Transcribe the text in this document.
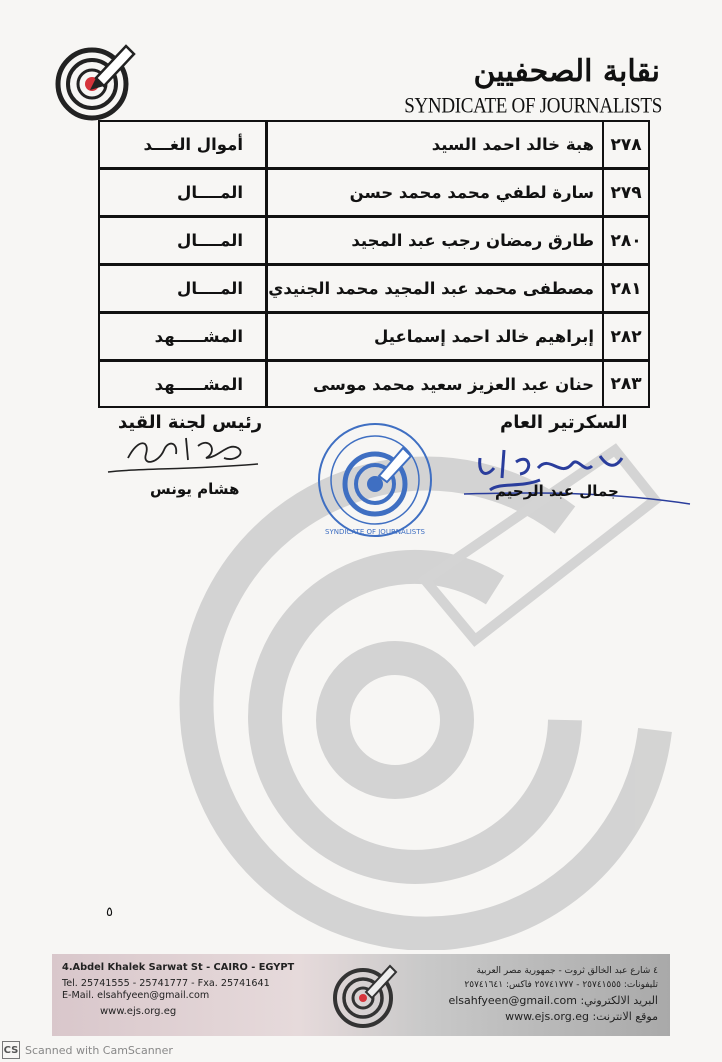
نقابة الصحفيين
SYNDICATE OF JOURNALISTS
٢٧٨
هبة خالد احمد السيد
أموال الغـــد
٢٧٩
سارة لطفي محمد محمد حسن
المــــال
٢٨٠
طارق رمضان رجب عبد المجيد
المــــال
٢٨١
مصطفى محمد عبد المجيد محمد الجنيدي
المــــال
٢٨٢
إبراهيم خالد احمد إسماعيل
المشـــــهد
٢٨٣
حنان عبد العزيز سعيد محمد موسى
المشـــــهد
رئيس لجنة القيد
هشام يونس
SYNDICATE OF JOURNALISTS
السكرتير العام
جمال عبد الرحيم
٥
4.Abdel Khalek Sarwat St - CAIRO - EGYPT
Tel. 25741555 - 25741777 - Fxa. 25741641
E-Mail. elsahfyeen@gmail.com
www.ejs.org.eg
٤ شارع عبد الخالق ثروت - جمهورية مصر العربية
تليفونات: ٢٥٧٤١٥٥٥ - ٢٥٧٤١٧٧٧ فاكس: ٢٥٧٤١٦٤١
البريد الالكتروني: elsahfyeen@gmail.com
موقع الانترنت: www.ejs.org.eg
CS Scanned with CamScanner
